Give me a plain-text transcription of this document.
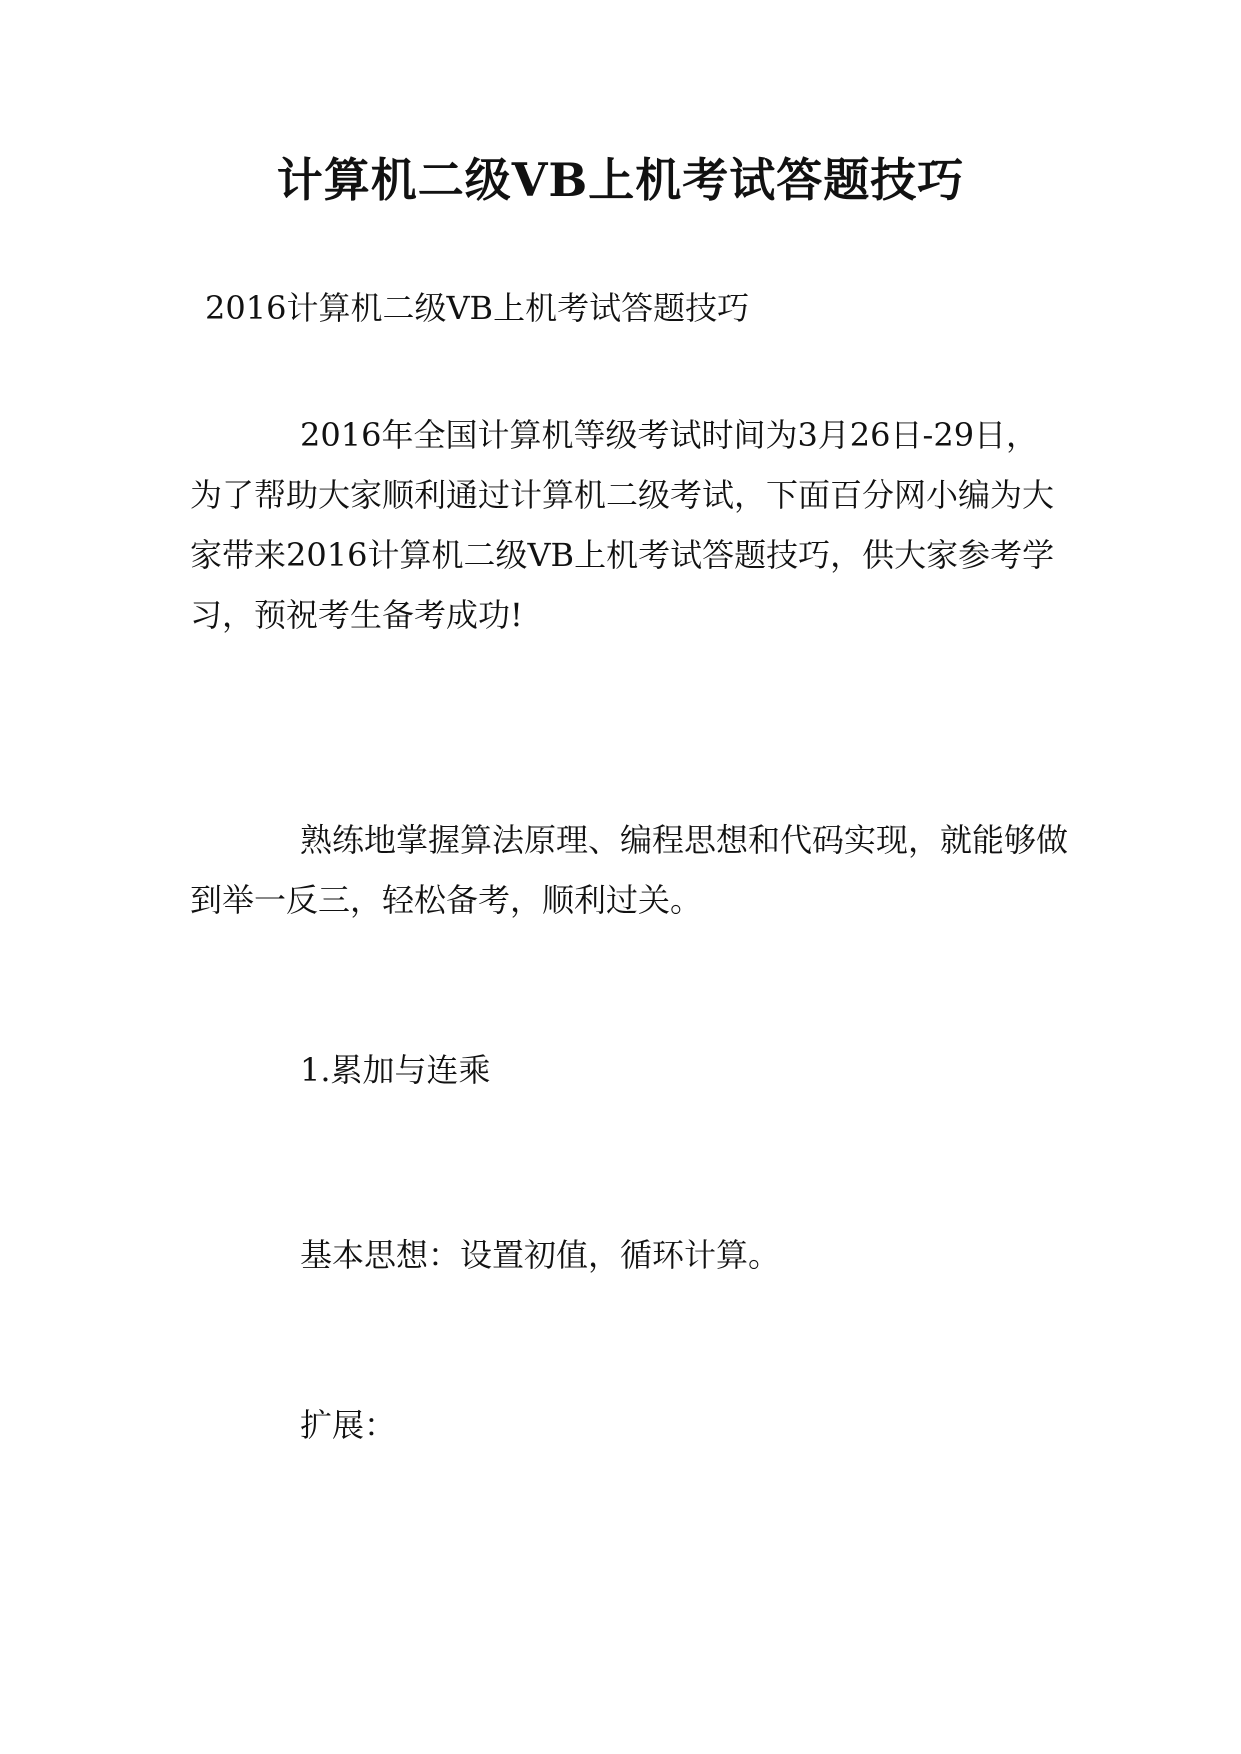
计算机二级VB上机考试答题技巧
2016计算机二级VB上机考试答题技巧
2016年全国计算机等级考试时间为3月26日-29日，为了帮助大家顺利通过计算机二级考试，下面百分网小编为大家带来2016计算机二级VB上机考试答题技巧，供大家参考学习，预祝考生备考成功!
熟练地掌握算法原理、编程思想和代码实现，就能够做到举一反三，轻松备考，顺利过关。
1.累加与连乘
基本思想：设置初值，循环计算。
扩展：
